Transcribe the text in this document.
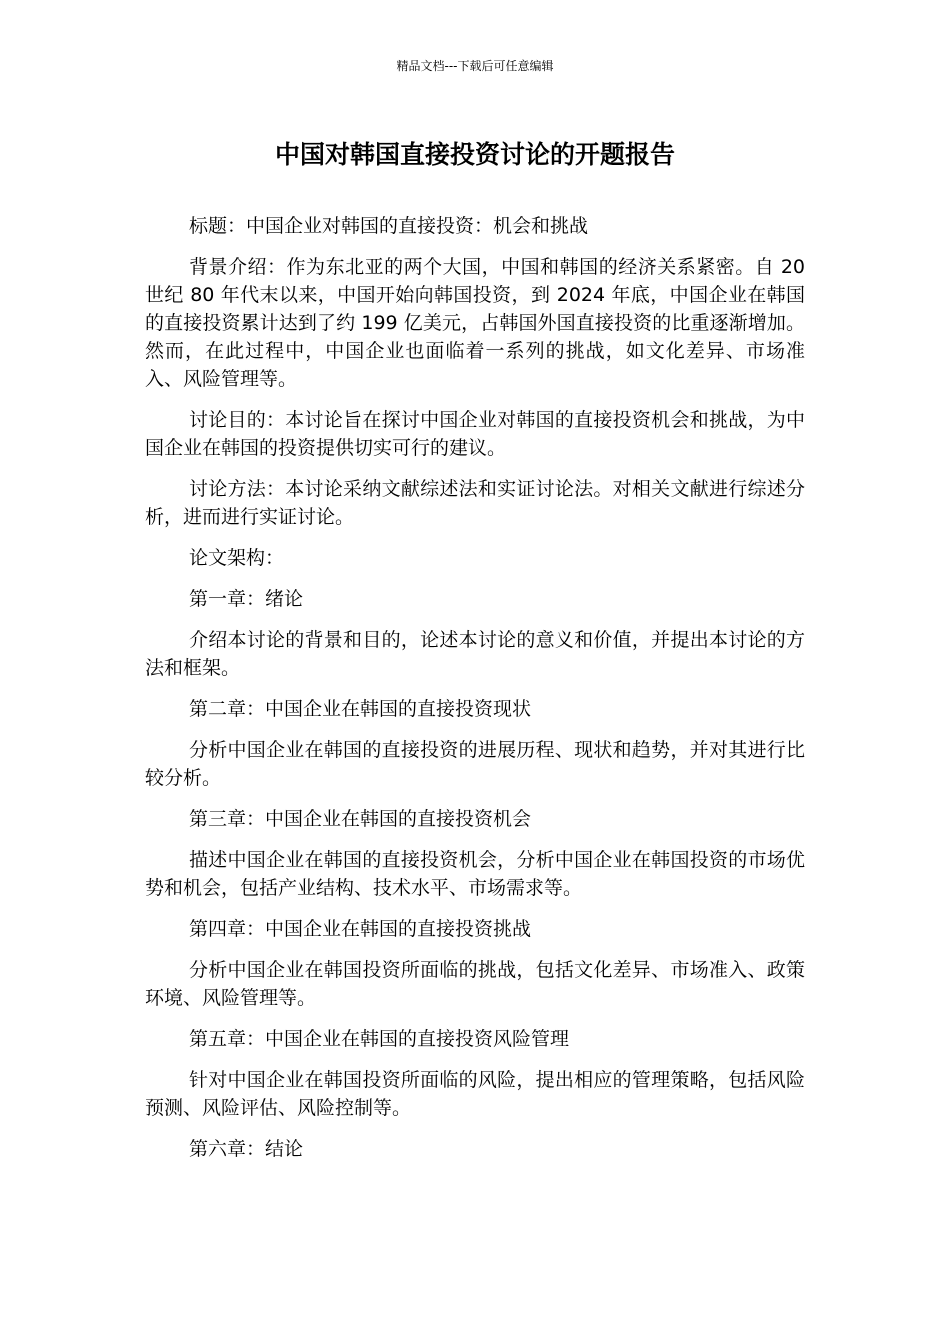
精品文档---下载后可任意编辑
中国对韩国直接投资讨论的开题报告

标题：中国企业对韩国的直接投资：机会和挑战

背景介绍：作为东北亚的两个大国，中国和韩国的经济关系紧密。自 20 世纪 80 年代末以来，中国开始向韩国投资，到 2024 年底，中国企业在韩国的直接投资累计达到了约 199 亿美元，占韩国外国直接投资的比重逐渐增加。然而，在此过程中，中国企业也面临着一系列的挑战，如文化差异、市场准入、风险管理等。

讨论目的：本讨论旨在探讨中国企业对韩国的直接投资机会和挑战，为中国企业在韩国的投资提供切实可行的建议。

讨论方法：本讨论采纳文献综述法和实证讨论法。对相关文献进行综述分析，进而进行实证讨论。

论文架构：

第一章：绪论

介绍本讨论的背景和目的，论述本讨论的意义和价值，并提出本讨论的方法和框架。

第二章：中国企业在韩国的直接投资现状

分析中国企业在韩国的直接投资的进展历程、现状和趋势，并对其进行比较分析。

第三章：中国企业在韩国的直接投资机会

描述中国企业在韩国的直接投资机会，分析中国企业在韩国投资的市场优势和机会，包括产业结构、技术水平、市场需求等。

第四章：中国企业在韩国的直接投资挑战

分析中国企业在韩国投资所面临的挑战，包括文化差异、市场准入、政策环境、风险管理等。

第五章：中国企业在韩国的直接投资风险管理

针对中国企业在韩国投资所面临的风险，提出相应的管理策略，包括风险预测、风险评估、风险控制等。

第六章：结论
